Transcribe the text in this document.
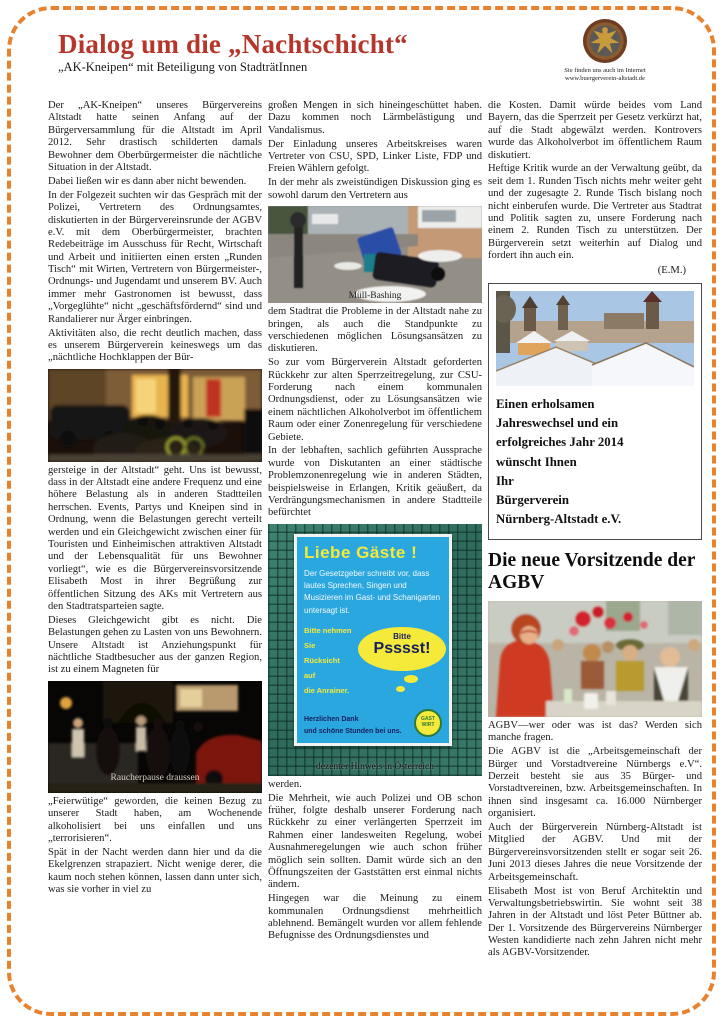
Dialog um die „Nachtschicht“
„AK-Kneipen“ mit Beteiligung von StadträtInnen	Sie finden uns auch im Internet
www.buergerverein-altstadt.de

Der „AK-Kneipen“ unseres Bürgervereins Altstadt hatte seinen Anfang auf der Bürgerversammlung für die Altstadt im April 2012. Sehr drastisch schilderten damals Bewohner dem Oberbürgermeister die nächtliche Situation in der Altstadt.

Dabei ließen wir es dann aber nicht bewenden.

In der Folgezeit suchten wir das Gespräch mit der Polizei, Vertretern des Ordnungsamtes, diskutierten in der Bürgervereinsrunde der AGBV e.V. mit dem Oberbürgermeister, brachten Redebeiträge im Ausschuss für Recht, Wirtschaft und Arbeit und initiierten einen ersten „Runden Tisch“ mit Wirten, Vertretern von Bürgermeister-, Ordnungs- und Jugendamt und unserem BV. Auch immer mehr Gastronomen ist bewusst, dass „Vorgeglühte“ nicht „geschäftsfördernd“ sind und Randalierer nur Ärger einbringen.

Aktivitäten also, die recht deutlich machen, dass es unserem Bürgerverein keineswegs um das „nächtliche Hochklappen der Bür-

gersteige in der Altstadt“ geht. Uns ist bewusst, dass in der Altstadt eine andere Frequenz und eine höhere Belastung als in anderen Stadtteilen herrschen. Events, Partys und Kneipen sind in Ordnung, wenn die Belastungen gerecht verteilt werden und ein Gleichgewicht zwischen einer für Touristen und Einheimischen attraktiven Altstadt und der Lebensqualität für uns Bewohner vorliegt“, wie es die Bürgervereinsvorsitzende Elisabeth Most in ihrer Begrüßung zur öffentlichen Sitzung des AKs mit Vertretern aus den Stadtratsparteien sagte.

Dieses Gleichgewicht gibt es nicht. Die Belastungen gehen zu Lasten von uns Bewohnern. Unsere Altstadt ist Anziehungspunkt für nächtliche Stadtbesucher aus der ganzen Region, ist zu einem Magneten für

Raucherpause draussen

„Feierwütige“ geworden, die keinen Bezug zu unserer Stadt haben, am Wochenende alkoholisiert bei uns einfallen und uns „terrorisieren“.

Spät in der Nacht werden dann hier und da die Ekelgrenzen strapaziert. Nicht wenige derer, die kaum noch stehen können, lassen dann unter sich, was sie vorher in viel zu

großen Mengen in sich hineingeschüttet haben. Dazu kommen noch Lärmbelästigung und Vandalismus.

Der Einladung unseres Arbeitskreises waren Vertreter von CSU, SPD, Linker Liste, FDP und Freien Wählern gefolgt.

In der mehr als zweistündigen Diskussion ging es sowohl darum den Vertretern aus

Müll-Bashing

dem Stadtrat die Probleme in der Altstadt nahe zu bringen, als auch die Standpunkte zu verschiedenen möglichen Lösungsansätzen zu diskutieren.

So zur vom Bürgerverein Altstadt geforderten Rückkehr zur alten Sperrzeitregelung, zur CSU-Forderung nach einem kommunalen Ordnungsdienst, oder zu Lösungsansätzen wie einem nächtlichen Alkoholverbot im öffentlichem Raum oder einer Zonenregelung für verschiedene Gebiete.

In der lebhaften, sachlich geführten Aussprache wurde von Diskutanten an einer städtische Problemzonenregelung wie in anderen Städten, beispielsweise in Erlangen, Kritik geäußert, da Verdrängungsmechanismen in andere Stadtteile befürchtet

Liebe Gäste !
Der Gesetzgeber schreibt vor, dass lautes Sprechen, Singen und Musizieren im Gast- und Schanigarten untersagt ist.
Bitte nehmen
Sie
Rücksicht
auf
die Anrainer.
Bitte
Psssst!
Herzlichen Dank
und schöne Stunden bei uns.
GAST WIRT
dezenter Hinweis in Österreich

werden.

Die Mehrheit, wie auch Polizei und OB schon früher, folgte deshalb unserer Forderung nach Rückkehr zu einer verlängerten Sperrzeit im Rahmen einer landesweiten Regelung, wobei Ausnahmeregelungen wie auch schon früher möglich sein sollten. Damit würde sich an den Öffnungszeiten der Gaststätten erst einmal nichts ändern.

Hingegen war die Meinung zu einem kommunalen Ordnungsdienst mehrheitlich ablehnend. Bemängelt wurden vor allem fehlende Befugnisse des Ordnungsdienstes und

die Kosten. Damit würde beides vom Land Bayern, das die Sperrzeit per Gesetz verkürzt hat, auf die Stadt abgewälzt werden. Kontrovers wurde das Alkoholverbot im öffentlichem Raum diskutiert.

Heftige Kritik wurde an der Verwaltung geübt, da seit dem 1. Runden Tisch nichts mehr weiter geht und der zugesagte 2. Runde Tisch bislang noch nicht einberufen wurde. Die Vertreter aus Stadtrat und Politik sagten zu, unsere Forderung nach einem 2. Runden Tisch zu unterstützen. Der Bürgerverein setzt weiterhin auf Dialog und fordert ihn auch ein.

(E.M.)
Einen erholsamen
Jahreswechsel und ein
erfolgreiches Jahr 2014
wünscht Ihnen
Ihr
Bürgerverein
Nürnberg-Altstadt e.V.
Die neue Vorsitzende der AGBV

AGBV—wer oder was ist das? Werden sich manche fragen.

Die AGBV ist die „Arbeitsgemeinschaft der Bürger und Vorstadtvereine Nürnbergs e.V“. Derzeit besteht sie aus 35 Bürger- und Vorstadtvereinen, bzw. Arbeitsgemeinschaften. In ihnen sind insgesamt ca. 16.000 Nürnberger organisiert.

Auch der Bürgerverein Nürnberg-Altstadt ist Mitglied der AGBV. Und mit der Bürgervereinsvorsitzenden stellt er sogar seit 26. Juni 2013 dieses Jahres die neue Vorsitzende der Arbeitsgemeinschaft.

Elisabeth Most ist von Beruf Architektin und Verwaltungsbetriebswirtin. Sie wohnt seit 38 Jahren in der Altstadt und löst Peter Büttner ab. Der 1. Vorsitzende des Bürgervereins Nürnberger Westen kandidierte nach zehn Jahren nicht mehr als AGBV-Vorsitzender.
